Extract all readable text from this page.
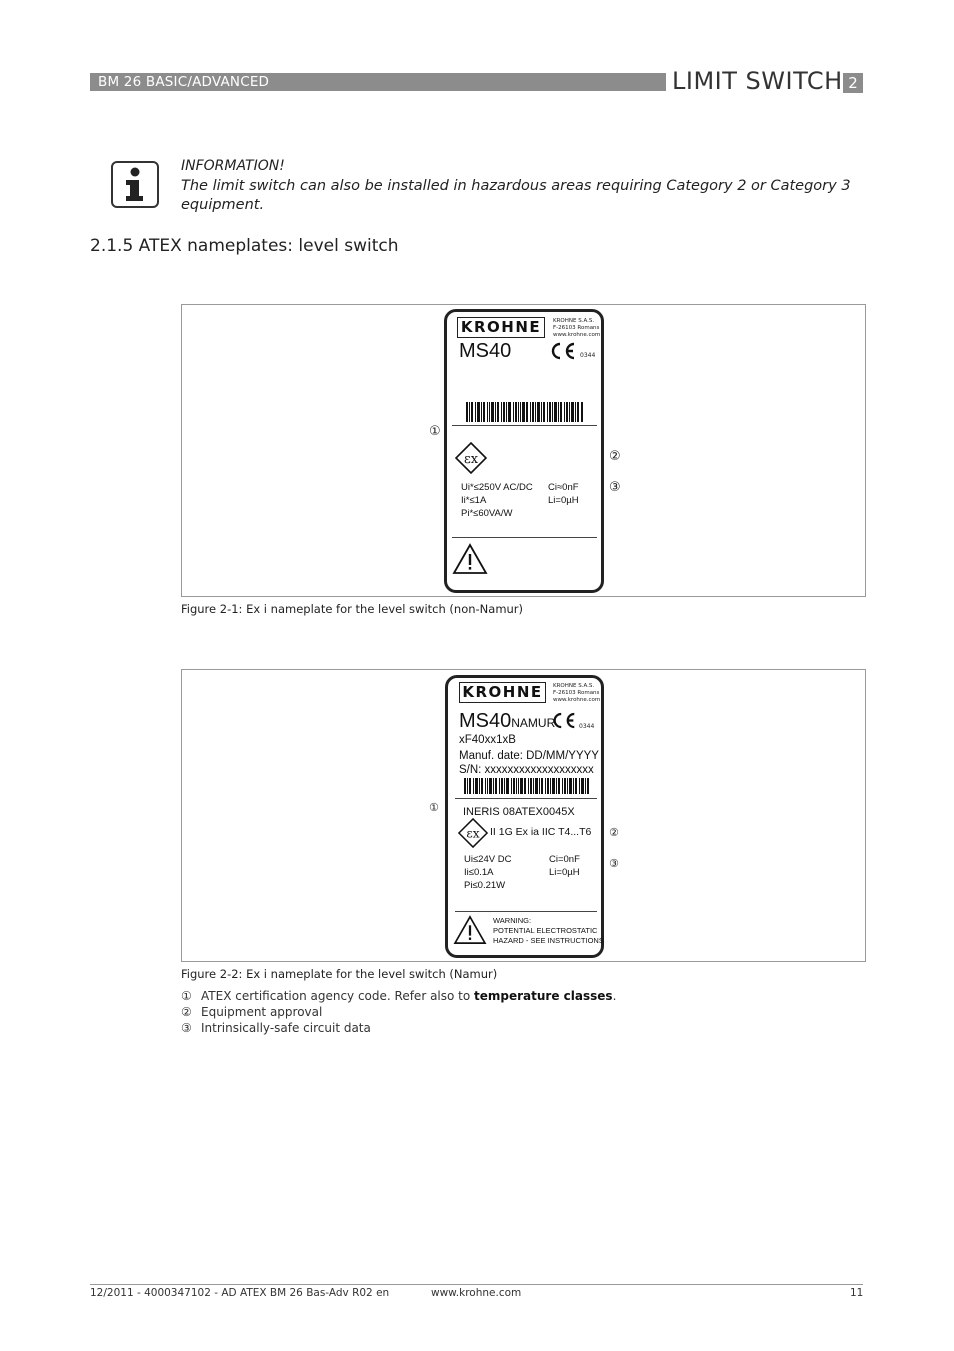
BM 26 BASIC/ADVANCED	LIMIT SWITCH 2
INFORMATION!
The limit switch can also be installed in hazardous areas requiring Category 2 or Category 3 equipment.
2.1.5 ATEX nameplates: level switch
KROHNE	KROHNE S.A.S.
F-26103 Romans
www.krohne.com
MS40	0344
εx
Ui*≤250V AC/DC
Ii*≤1A
Pi*≤60VA/W
Ci≈0nF
Li=0µH
①
②
③
Figure 2-1: Ex i nameplate for the level switch (non-Namur)
KROHNE	KROHNE S.A.S.
F-26103 Romans
www.krohne.com
MS40NAMUR	0344
xF40xx1xB
Manuf. date: DD/MM/YYYY
S/N: xxxxxxxxxxxxxxxxxxx
INERIS 08ATEX0045X
εx II 1G Ex ia IIC T4...T6
Ui≤24V DC
Ii≤0.1A
Pi≤0.21W
Ci=0nF
Li=0µH
WARNING:
POTENTIAL ELECTROSTATIC
HAZARD - SEE INSTRUCTIONS
①
②
③
Figure 2-2: Ex i nameplate for the level switch (Namur)
① ATEX certification agency code. Refer also to temperature classes.
② Equipment approval
③ Intrinsically-safe circuit data
12/2011 - 4000347102 - AD ATEX BM 26 Bas-Adv R02 en	www.krohne.com	11
